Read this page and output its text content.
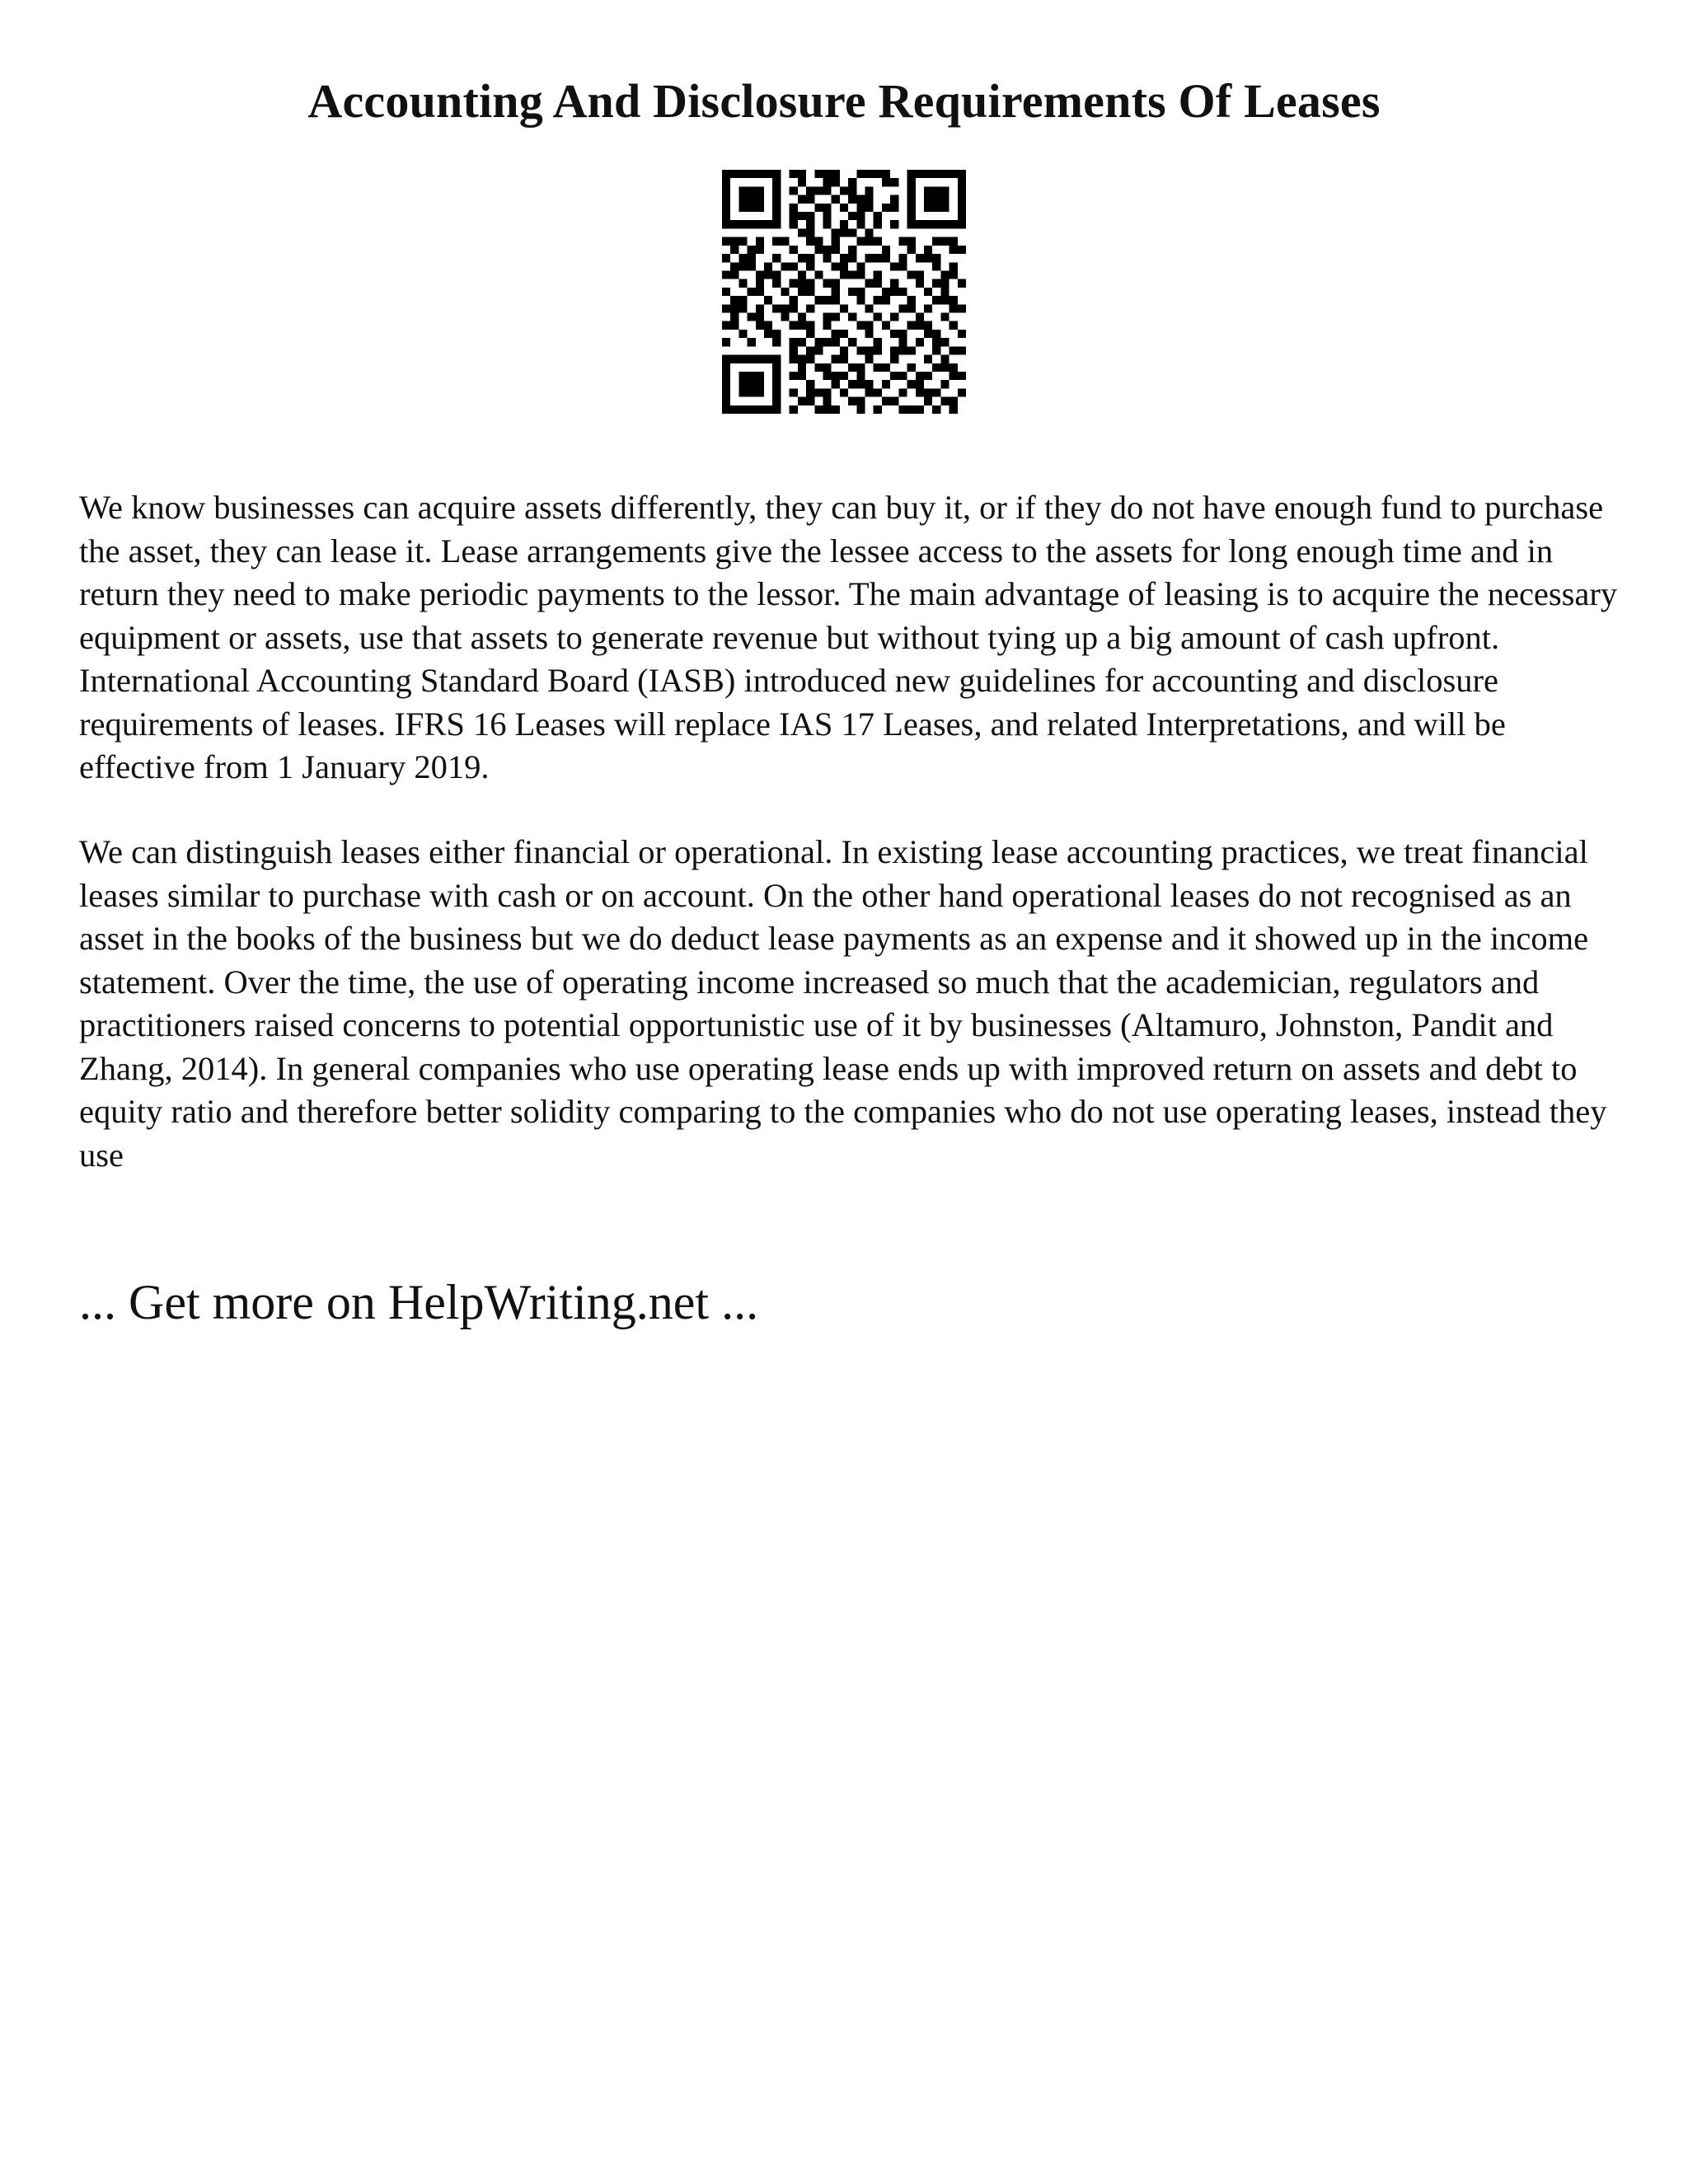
Accounting And Disclosure Requirements Of Leases

We know businesses can acquire assets differently, they can buy it, or if they do not have enough fund to purchase the asset, they can lease it. Lease arrangements give the lessee access to the assets for long enough time and in return they need to make periodic payments to the lessor. The main advantage of leasing is to acquire the necessary equipment or assets, use that assets to generate revenue but without tying up a big amount of cash upfront. International Accounting Standard Board (IASB) introduced new guidelines for accounting and disclosure requirements of leases. IFRS 16 Leases will replace IAS 17 Leases, and related Interpretations, and will be effective from 1 January 2019.

We can distinguish leases either financial or operational. In existing lease accounting practices, we treat financial leases similar to purchase with cash or on account. On the other hand operational leases do not recognised as an asset in the books of the business but we do deduct lease payments as an expense and it showed up in the income statement. Over the time, the use of operating income increased so much that the academician, regulators and practitioners raised concerns to potential opportunistic use of it by businesses (Altamuro, Johnston, Pandit and Zhang, 2014). In general companies who use operating lease ends up with improved return on assets and debt to equity ratio and therefore better solidity comparing to the companies who do not use operating leases, instead they use

... Get more on HelpWriting.net ...
